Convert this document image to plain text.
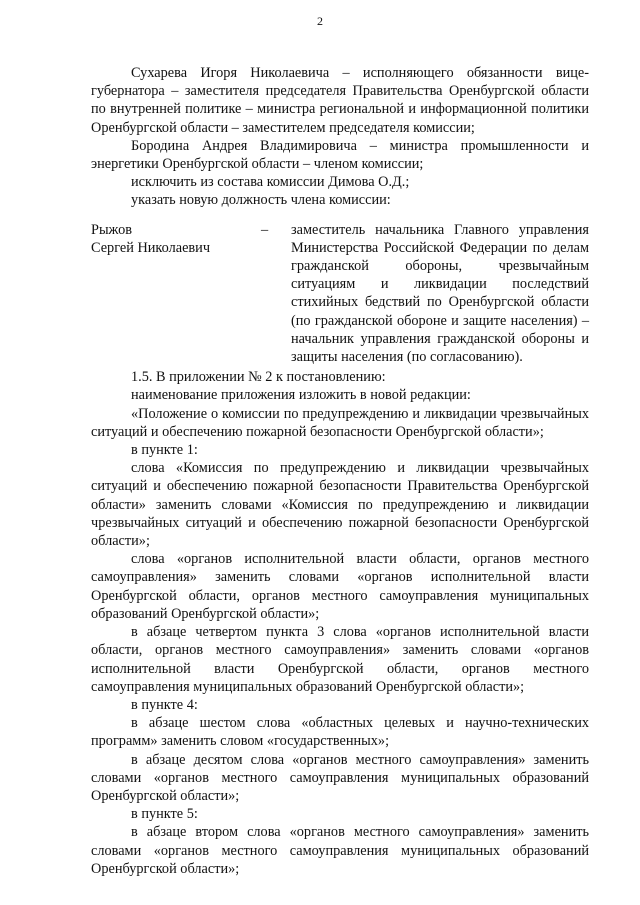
2

Сухарева Игоря Николаевича – исполняющего обязанности вице-губернатора – заместителя председателя Правительства Оренбургской области по внутренней политике – министра региональной и информационной политики Оренбургской области – заместителем председателя комиссии;

Бородина Андрея Владимировича – министра промышленности и энергетики Оренбургской области – членом комиссии;

исключить из состава комиссии Димова О.Д.;

указать новую должность члена комиссии:

Рыжов
Сергей Николаевич
–	заместитель начальника Главного управления Министерства Российской Федерации по делам гражданской обороны, чрезвычайным ситуациям и ликвидации последствий стихийных бедствий по Оренбургской области (по гражданской обороне и защите населения) – начальник управления гражданской обороны и защиты населения (по согласованию).

1.5. В приложении № 2 к постановлению:

наименование приложения изложить в новой редакции:

«Положение о комиссии по предупреждению и ликвидации чрезвычайных ситуаций и обеспечению пожарной безопасности Оренбургской области»;

в пункте 1:

слова «Комиссия по предупреждению и ликвидации чрезвычайных ситуаций и обеспечению пожарной безопасности Правительства Оренбургской области» заменить словами «Комиссия по предупреждению и ликвидации чрезвычайных ситуаций и обеспечению пожарной безопасности Оренбургской области»;

слова «органов исполнительной власти области, органов местного самоуправления» заменить словами «органов исполнительной власти Оренбургской области, органов местного самоуправления муниципальных образований Оренбургской области»;

в абзаце четвертом пункта 3 слова «органов исполнительной власти области, органов местного самоуправления» заменить словами «органов исполнительной власти Оренбургской области, органов местного самоуправления муниципальных образований Оренбургской области»;

в пункте 4:

в абзаце шестом слова «областных целевых и научно-технических программ» заменить словом «государственных»;

в абзаце десятом слова «органов местного самоуправления» заменить словами «органов местного самоуправления муниципальных образований Оренбургской области»;

в пункте 5:

в абзаце втором слова «органов местного самоуправления» заменить словами «органов местного самоуправления муниципальных образований Оренбургской области»;
